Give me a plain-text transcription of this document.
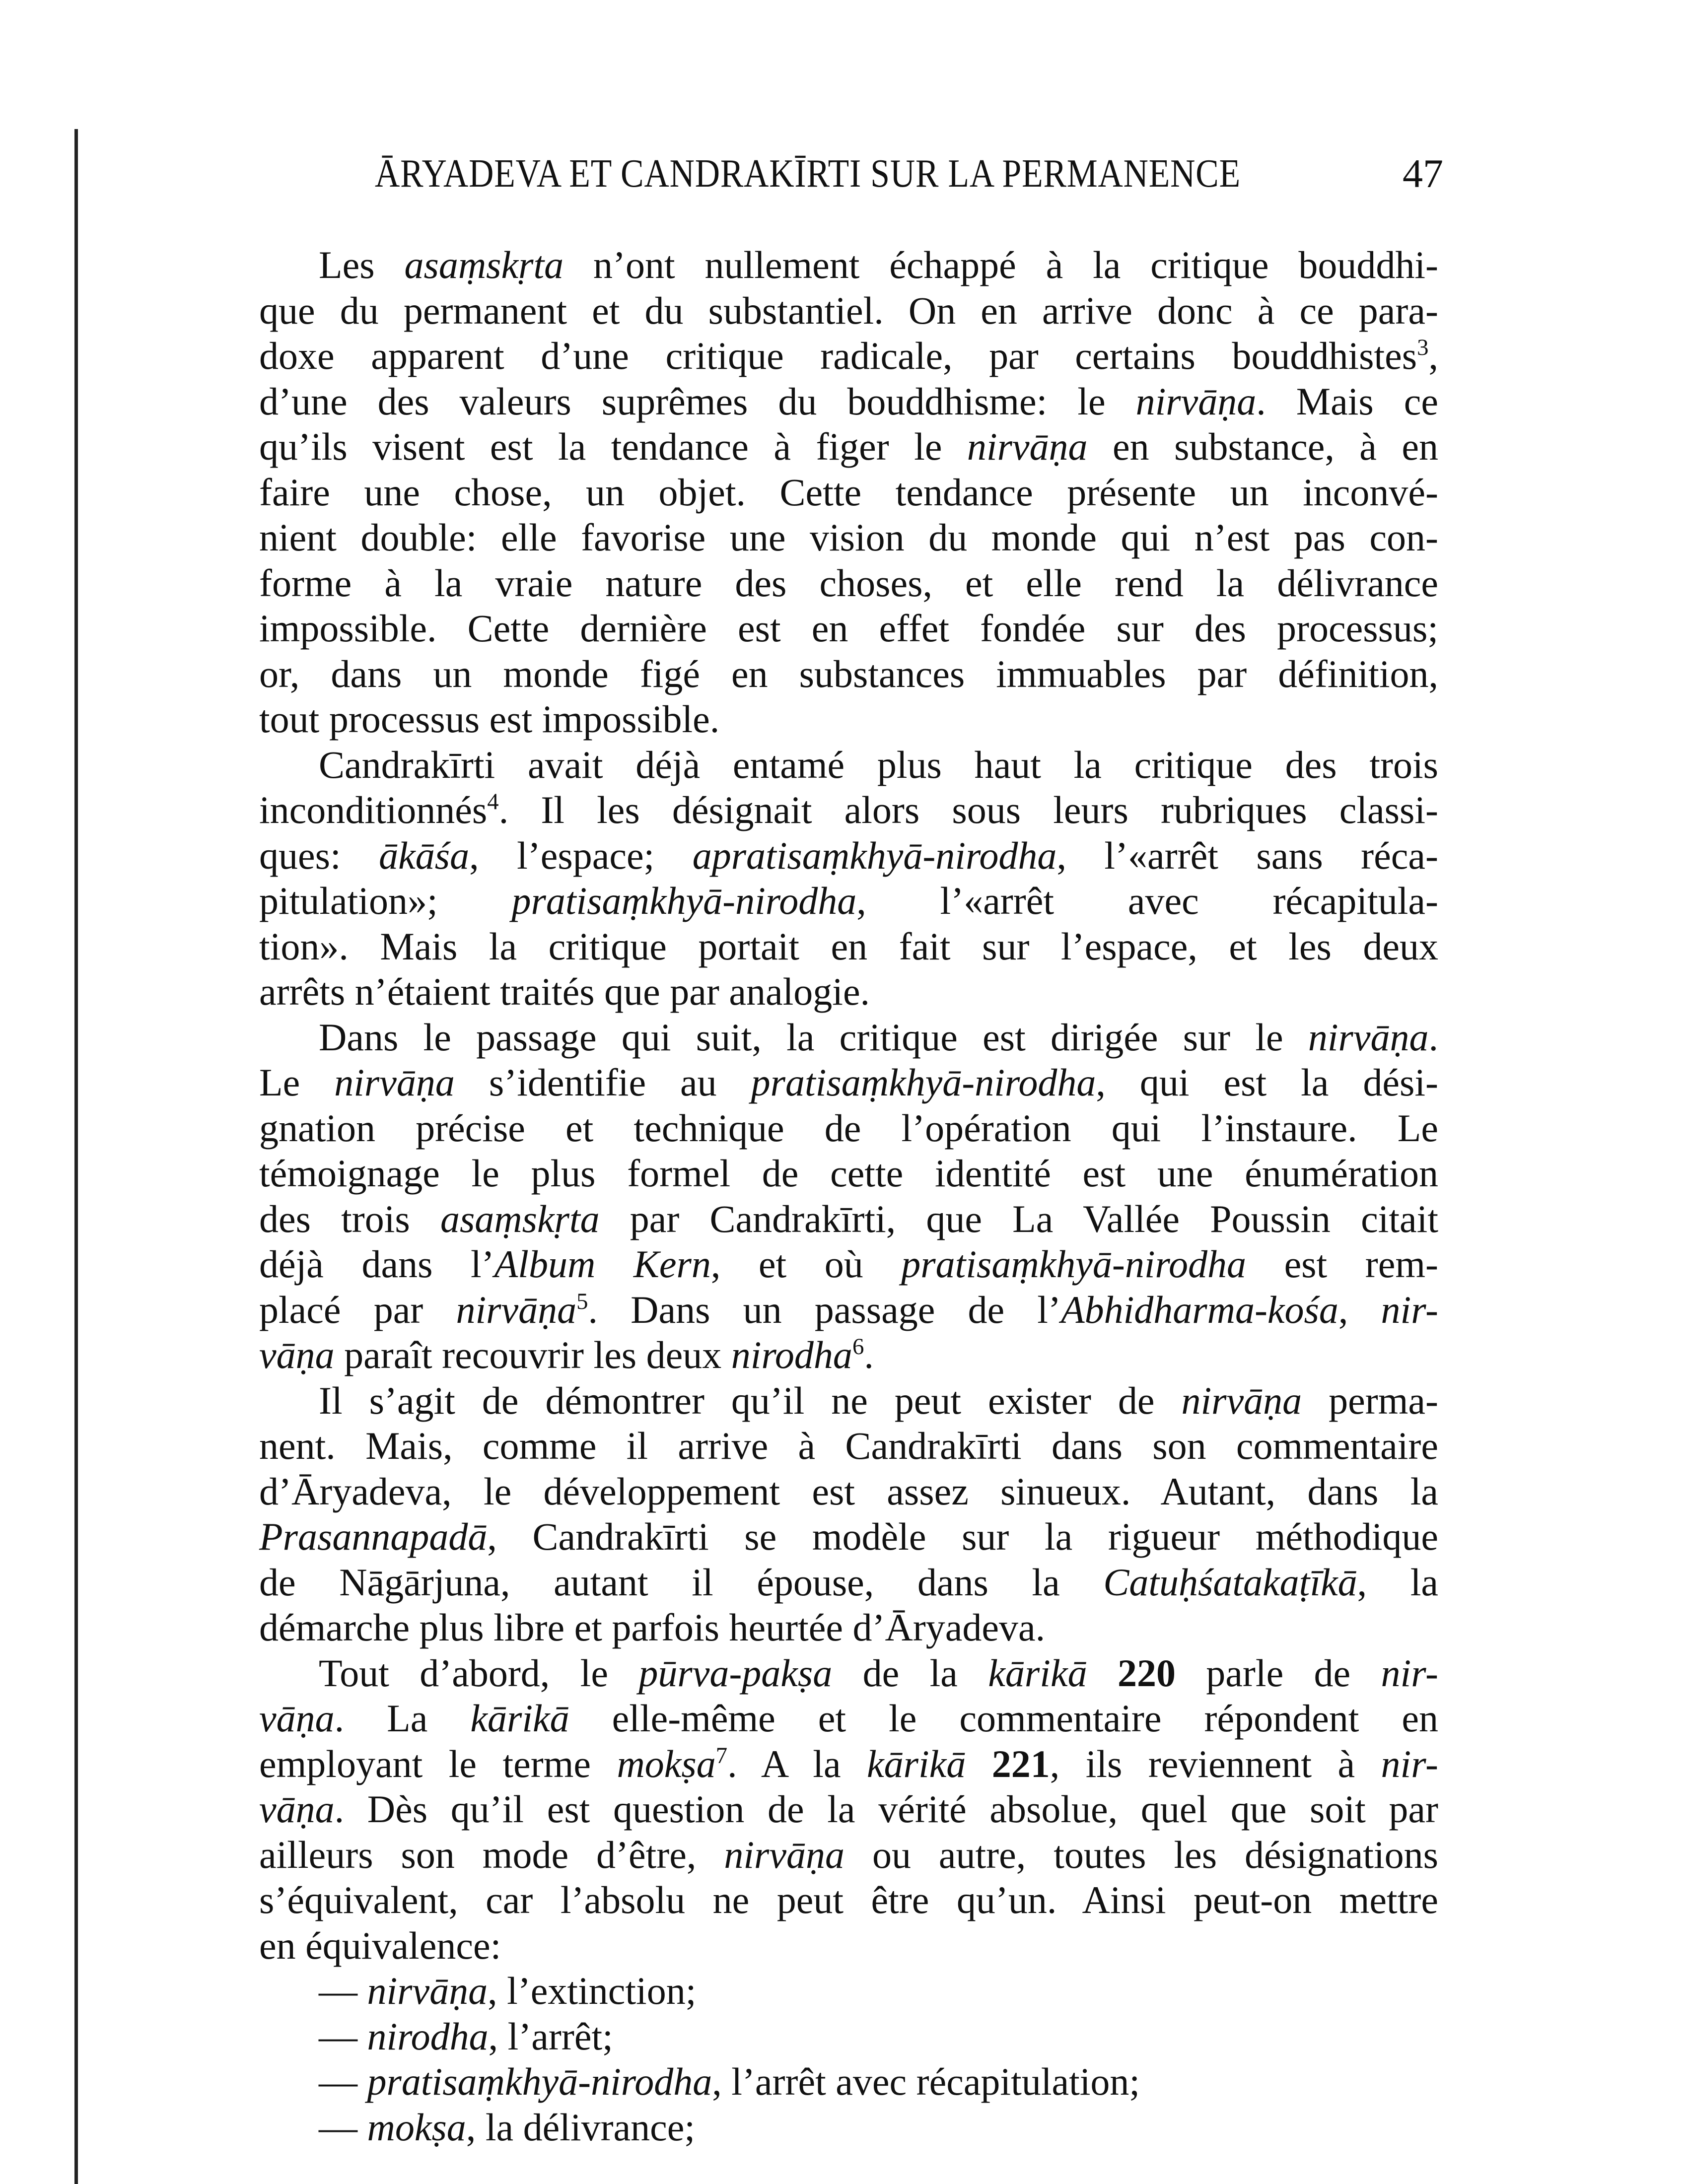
ĀRYADEVA ET CANDRAKĪRTI SUR LA PERMANENCE	47
Les asaṃskṛta n’ont nullement échappé à la critique bouddhi-
que du permanent et du substantiel. On en arrive donc à ce para-
doxe apparent d’une critique radicale, par certains bouddhistes$^3$,
d’une des valeurs suprêmes du bouddhisme: le nirvāṇa. Mais ce
qu’ils visent est la tendance à figer le nirvāṇa en substance, à en
faire une chose, un objet. Cette tendance présente un inconvé-
nient double: elle favorise une vision du monde qui n’est pas con-
forme à la vraie nature des choses, et elle rend la délivrance
impossible. Cette dernière est en effet fondée sur des processus;
or, dans un monde figé en substances immuables par définition,
tout processus est impossible.
Candrakīrti avait déjà entamé plus haut la critique des trois
inconditionnés$^4$. Il les désignait alors sous leurs rubriques classi-
ques: ākāśa, l’espace; apratisaṃkhyā-nirodha, l’«arrêt sans réca-
pitulation»; pratisaṃkhyā-nirodha, l’«arrêt avec récapitula-
tion». Mais la critique portait en fait sur l’espace, et les deux
arrêts n’étaient traités que par analogie.
Dans le passage qui suit, la critique est dirigée sur le nirvāṇa.
Le nirvāṇa s’identifie au pratisaṃkhyā-nirodha, qui est la dési-
gnation précise et technique de l’opération qui l’instaure. Le
témoignage le plus formel de cette identité est une énumération
des trois asaṃskṛta par Candrakīrti, que La Vallée Poussin citait
déjà dans l’Album Kern, et où pratisaṃkhyā-nirodha est rem-
placé par nirvāṇa$^5$. Dans un passage de l’Abhidharma-kośa, nir-
vāṇa paraît recouvrir les deux nirodha$^6$.
Il s’agit de démontrer qu’il ne peut exister de nirvāṇa perma-
nent. Mais, comme il arrive à Candrakīrti dans son commentaire
d’Āryadeva, le développement est assez sinueux. Autant, dans la
Prasannapadā, Candrakīrti se modèle sur la rigueur méthodique
de Nāgārjuna, autant il épouse, dans la Catuḥśatakaṭīkā, la
démarche plus libre et parfois heurtée d’Āryadeva.
Tout d’abord, le pūrva-pakṣa de la kārikā 220 parle de nir-
vāṇa. La kārikā elle-même et le commentaire répondent en
employant le terme mokṣa$^7$. A la kārikā 221, ils reviennent à nir-
vāṇa. Dès qu’il est question de la vérité absolue, quel que soit par
ailleurs son mode d’être, nirvāṇa ou autre, toutes les désignations
s’équivalent, car l’absolu ne peut être qu’un. Ainsi peut-on mettre
en équivalence:
— nirvāṇa, l’extinction;
— nirodha, l’arrêt;
— pratisaṃkhyā-nirodha, l’arrêt avec récapitulation;
— mokṣa, la délivrance;
